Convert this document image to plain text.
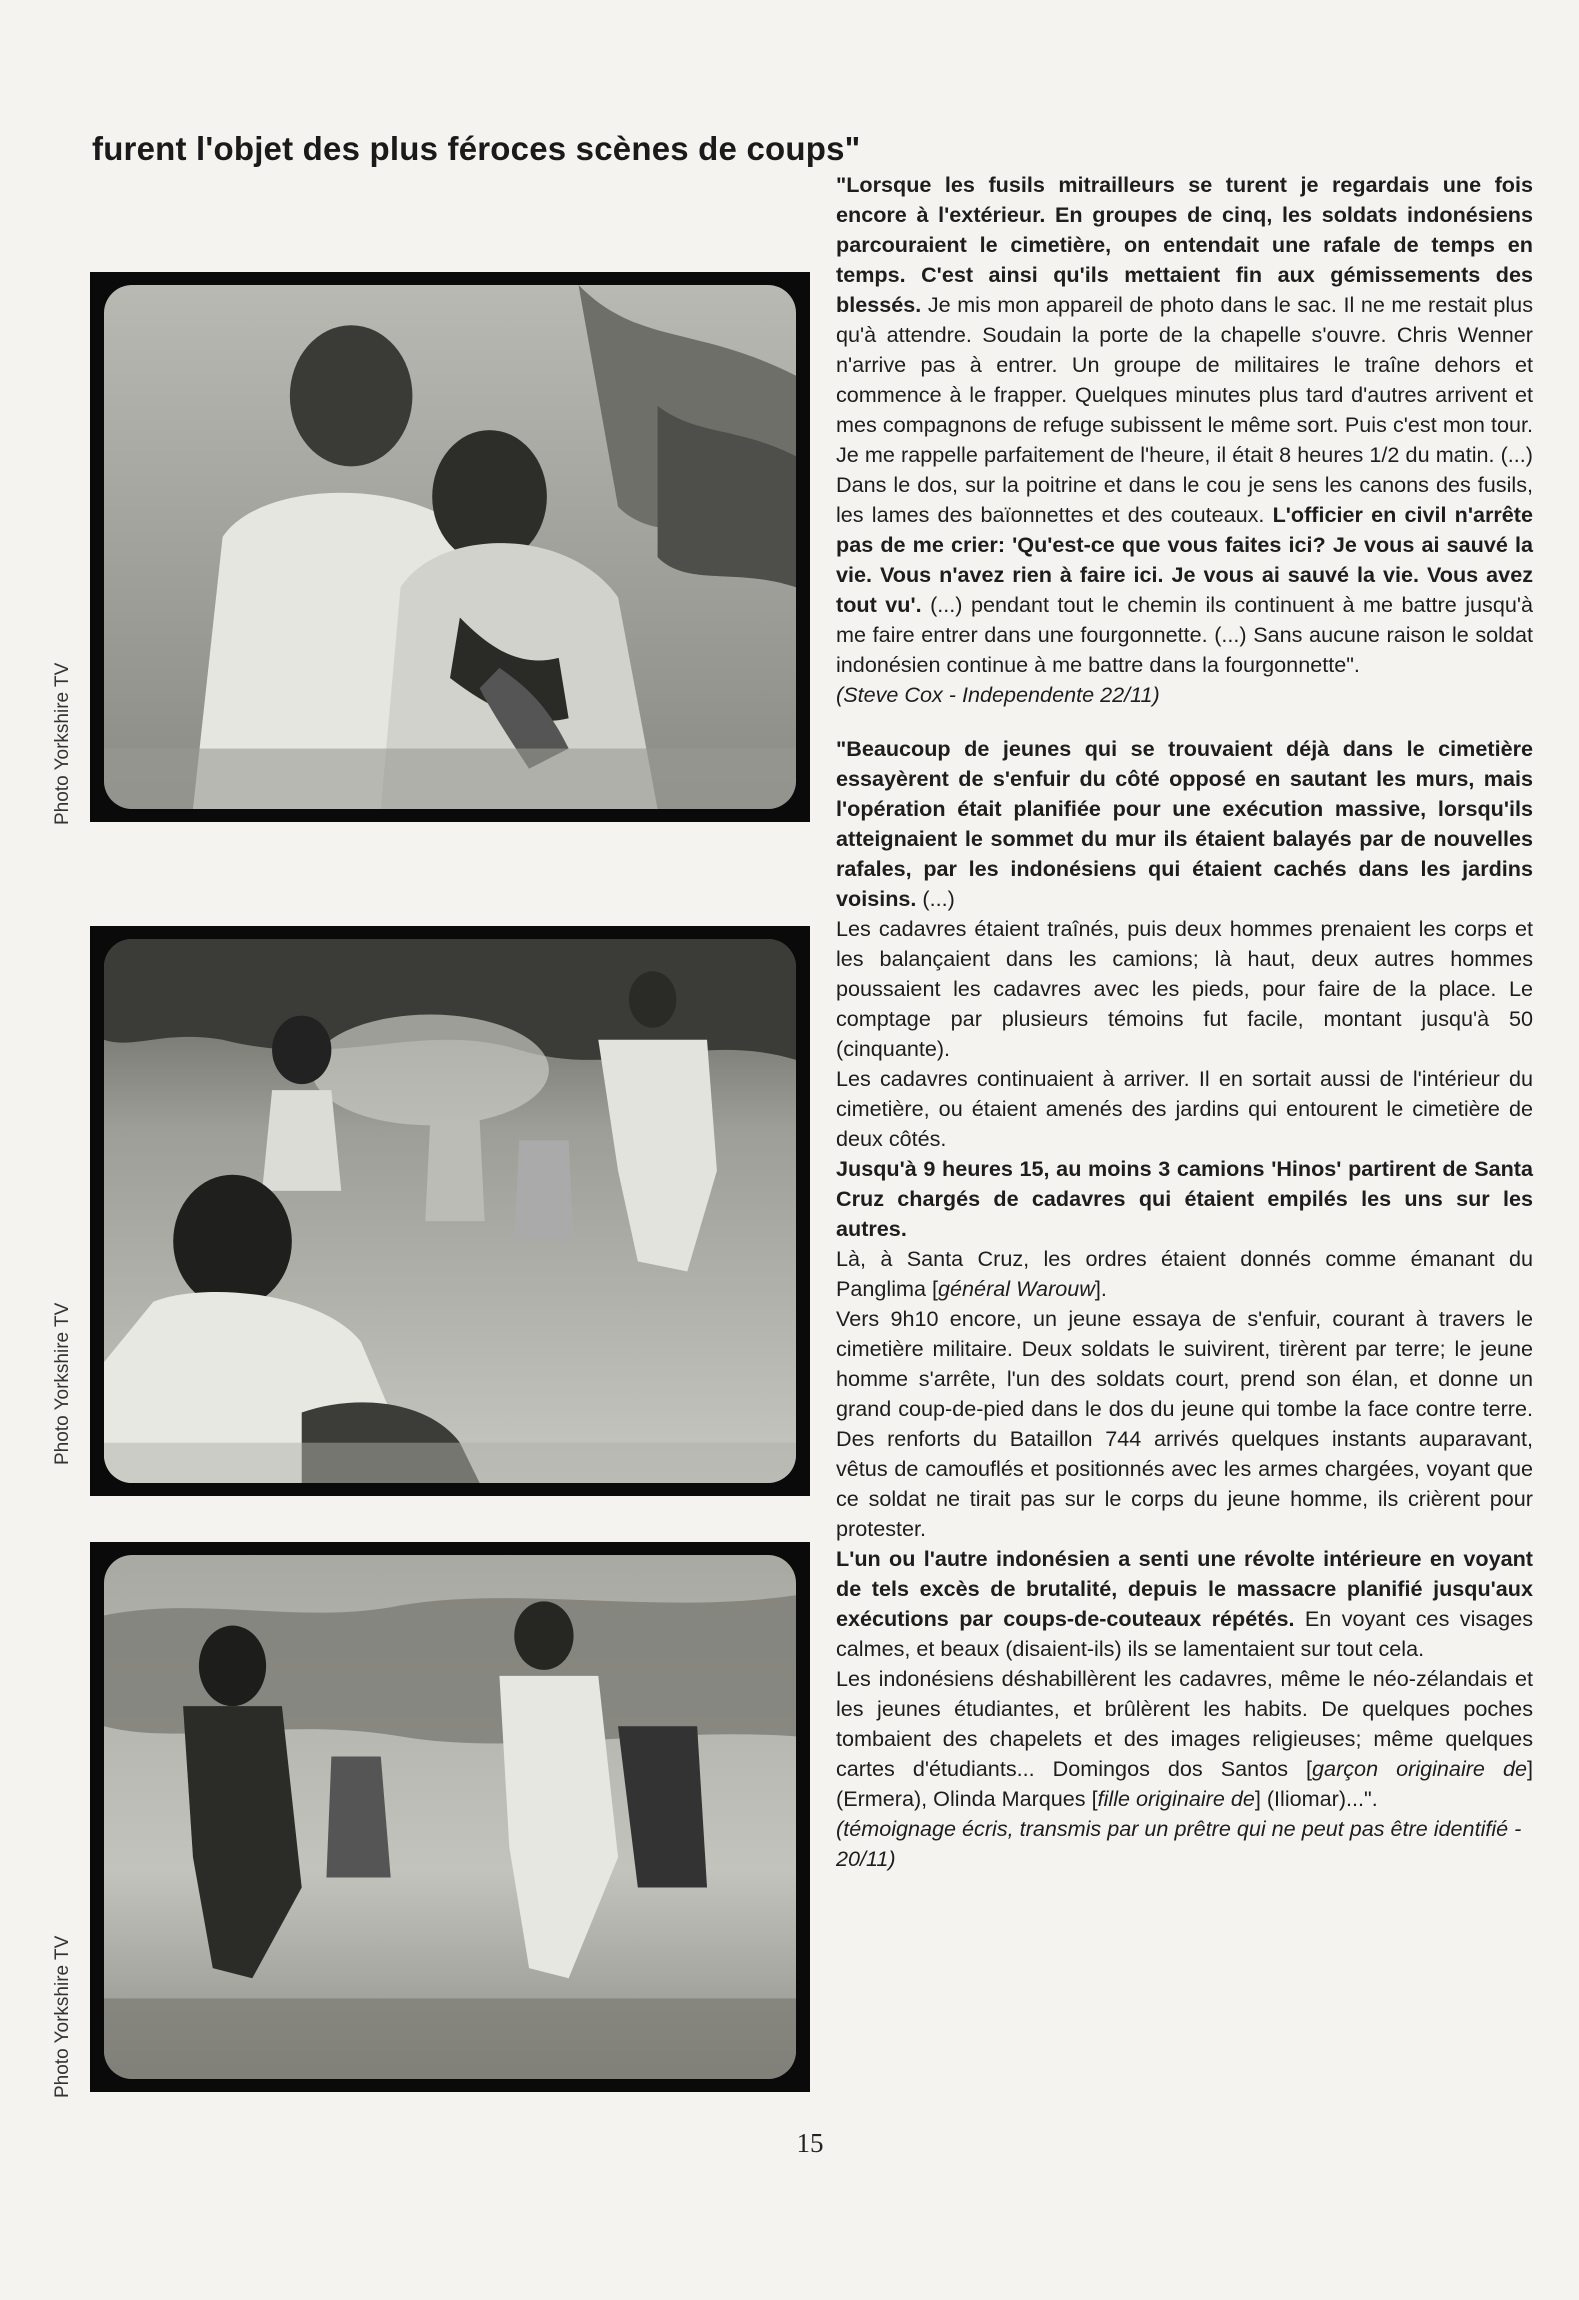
furent l'objet des plus féroces scènes de coups"
Photo Yorkshire TV
Photo Yorkshire TV
Photo Yorkshire TV

"Lorsque les fusils mitrailleurs se turent je regardais une fois encore à l'extérieur. En groupes de cinq, les soldats indonésiens parcouraient le cimetière, on entendait une rafale de temps en temps. C'est ainsi qu'ils mettaient fin aux gémissements des blessés. Je mis mon appareil de photo dans le sac. Il ne me restait plus qu'à attendre. Soudain la porte de la chapelle s'ouvre. Chris Wenner n'arrive pas à entrer. Un groupe de militaires le traîne dehors et commence à le frapper. Quelques minutes plus tard d'autres arrivent et mes compagnons de refuge subissent le même sort. Puis c'est mon tour. Je me rappelle parfaitement de l'heure, il était 8 heures 1/2 du matin. (...) Dans le dos, sur la poitrine et dans le cou je sens les canons des fusils, les lames des baïonnettes et des couteaux. L'officier en civil n'arrête pas de me crier: 'Qu'est-ce que vous faites ici? Je vous ai sauvé la vie. Vous n'avez rien à faire ici. Je vous ai sauvé la vie. Vous avez tout vu'. (...) pendant tout le chemin ils continuent à me battre jusqu'à me faire entrer dans une fourgonnette. (...) Sans aucune raison le soldat indonésien continue à me battre dans la fourgonnette".

(Steve Cox - Independente 22/11)

"Beaucoup de jeunes qui se trouvaient déjà dans le cimetière essayèrent de s'enfuir du côté opposé en sautant les murs, mais l'opération était planifiée pour une exécution massive, lorsqu'ils atteignaient le sommet du mur ils étaient balayés par de nouvelles rafales, par les indonésiens qui étaient cachés dans les jardins voisins. (...)

Les cadavres étaient traînés, puis deux hommes prenaient les corps et les balançaient dans les camions; là haut, deux autres hommes poussaient les cadavres avec les pieds, pour faire de la place. Le comptage par plusieurs témoins fut facile, montant jusqu'à 50 (cinquante).

Les cadavres continuaient à arriver. Il en sortait aussi de l'intérieur du cimetière, ou étaient amenés des jardins qui entourent le cimetière de deux côtés.

Jusqu'à 9 heures 15, au moins 3 camions 'Hinos' partirent de Santa Cruz chargés de cadavres qui étaient empilés les uns sur les autres.

Là, à Santa Cruz, les ordres étaient donnés comme émanant du Panglima [général Warouw].

Vers 9h10 encore, un jeune essaya de s'enfuir, courant à travers le cimetière militaire. Deux soldats le suivirent, tirèrent par terre; le jeune homme s'arrête, l'un des soldats court, prend son élan, et donne un grand coup-de-pied dans le dos du jeune qui tombe la face contre terre. Des renforts du Bataillon 744 arrivés quelques instants auparavant, vêtus de camouflés et positionnés avec les armes chargées, voyant que ce soldat ne tirait pas sur le corps du jeune homme, ils crièrent pour protester.

L'un ou l'autre indonésien a senti une révolte intérieure en voyant de tels excès de brutalité, depuis le massacre planifié jusqu'aux exécutions par coups-de-couteaux répétés. En voyant ces visages calmes, et beaux (disaient-ils) ils se lamentaient sur tout cela.

Les indonésiens déshabillèrent les cadavres, même le néo-zélandais et les jeunes étudiantes, et brûlèrent les habits. De quelques poches tombaient des chapelets et des images religieuses; même quelques cartes d'étudiants... Domingos dos Santos [garçon originaire de] (Ermera), Olinda Marques [fille originaire de] (Iliomar)...".

(témoignage écris, transmis par un prêtre qui ne peut pas être identifié - 20/11)

15
